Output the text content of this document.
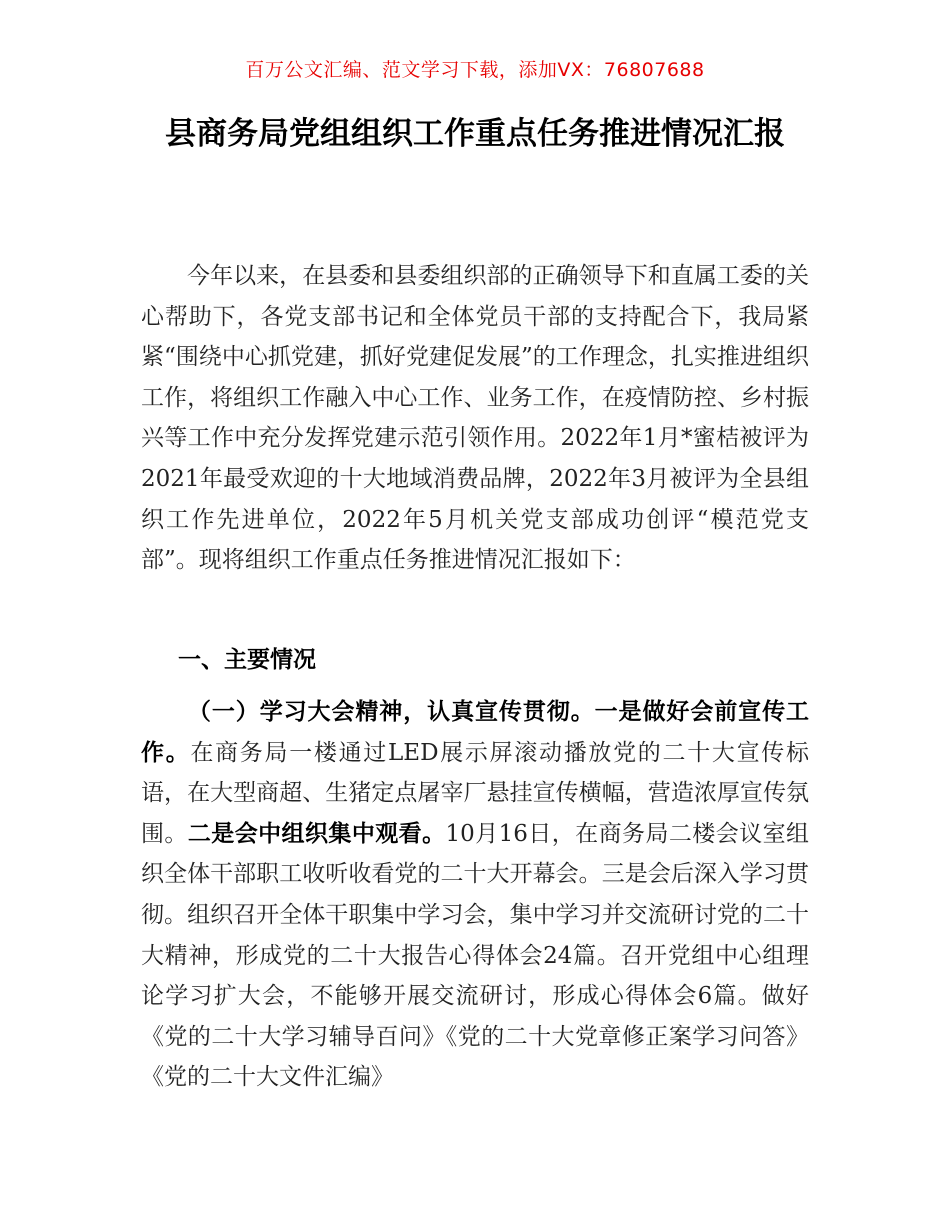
百万公文汇编、范文学习下载，添加VX：76807688
县商务局党组组织工作重点任务推进情况汇报
今年以来，在县委和县委组织部的正确领导下和直属工委的关心帮助下，各党支部书记和全体党员干部的支持配合下，我局紧紧“围绕中心抓党建，抓好党建促发展”的工作理念，扎实推进组织工作，将组织工作融入中心工作、业务工作，在疫情防控、乡村振兴等工作中充分发挥党建示范引领作用。2022年1月*蜜桔被评为2021年最受欢迎的十大地域消费品牌，2022年3月被评为全县组织工作先进单位，2022年5月机关党支部成功创评“模范党支部”。现将组织工作重点任务推进情况汇报如下：
一、主要情况
（一）学习大会精神，认真宣传贯彻。一是做好会前宣传工作。在商务局一楼通过LED展示屏滚动播放党的二十大宣传标语，在大型商超、生猪定点屠宰厂悬挂宣传横幅，营造浓厚宣传氛围。二是会中组织集中观看。10月16日，在商务局二楼会议室组织全体干部职工收听收看党的二十大开幕会。三是会后深入学习贯彻。组织召开全体干职集中学习会，集中学习并交流研讨党的二十大精神，形成党的二十大报告心得体会24篇。召开党组中心组理论学习扩大会，不能够开展交流研讨，形成心得体会6篇。做好《党的二十大学习辅导百问》《党的二十大党章修正案学习问答》《党的二十大文件汇编》
